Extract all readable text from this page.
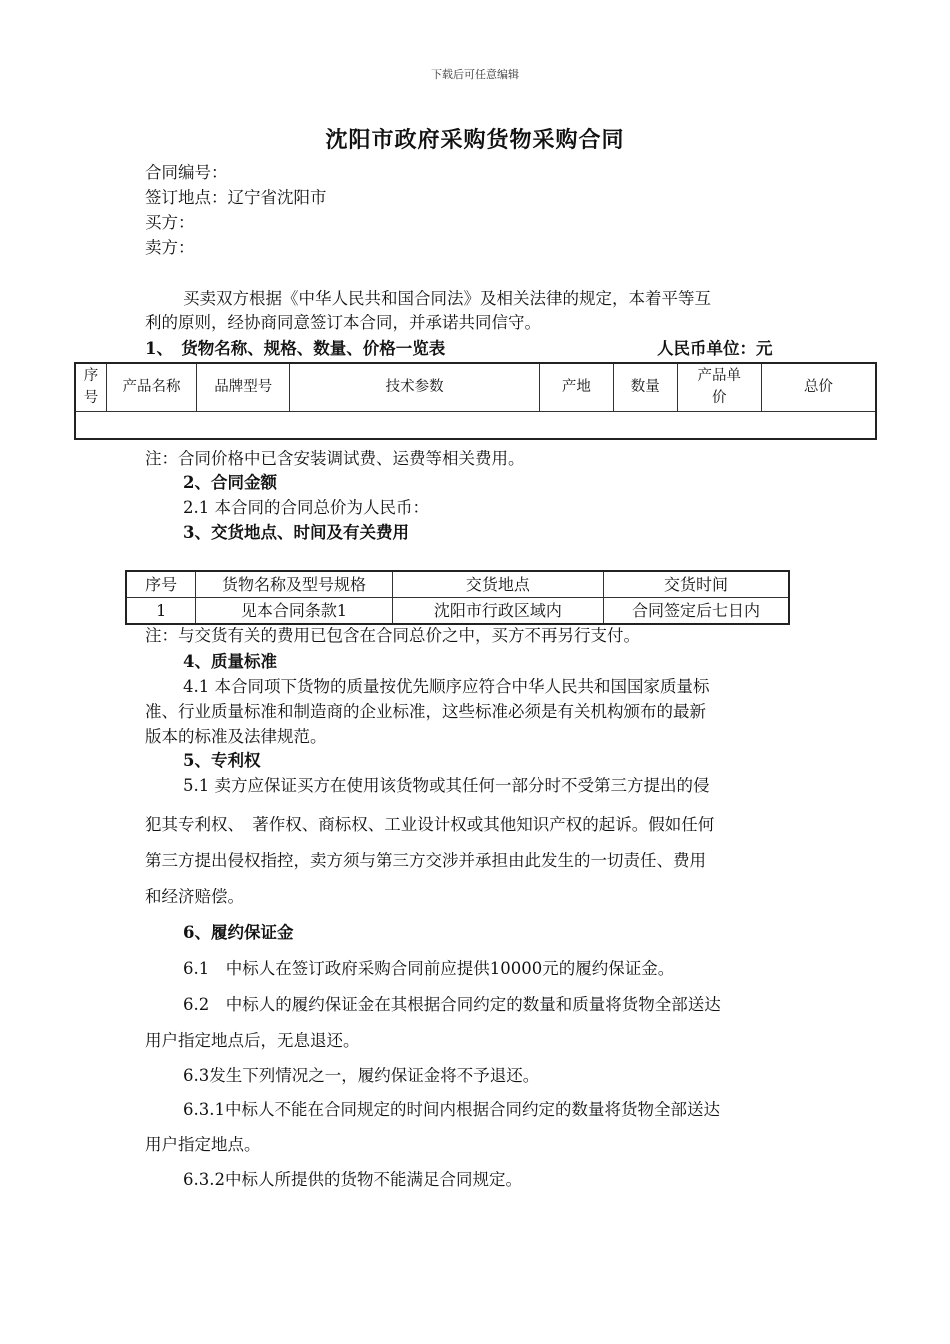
下载后可任意编辑
沈阳市政府采购货物采购合同
合同编号：
签订地点：辽宁省沈阳市
买方：
卖方：
买卖双方根据《中华人民共和国合同法》及相关法律的规定，本着平等互
利的原则，经协商同意签订本合同，并承诺共同信守。
1、　货物名称、规格、数量、价格一览表	人民币单位：元
序
号	产品名称	品牌型号	技术参数	产地	数量	产品单
价	总价

注：合同价格中已含安装调试费、运费等相关费用。
2、合同金额
2.1 本合同的合同总价为人民币：
3、交货地点、时间及有关费用
序号	货物名称及型号规格	交货地点	交货时间
1	见本合同条款1	沈阳市行政区域内	合同签定后七日内
注：与交货有关的费用已包含在合同总价之中，买方不再另行支付。
4、质量标准
4.1 本合同项下货物的质量按优先顺序应符合中华人民共和国国家质量标
准、行业质量标准和制造商的企业标准，这些标准必须是有关机构颁布的最新
版本的标准及法律规范。
5、专利权
5.1 卖方应保证买方在使用该货物或其任何一部分时不受第三方提出的侵
犯其专利权、　著作权、商标权、工业设计权或其他知识产权的起诉。假如任何
第三方提出侵权指控，卖方须与第三方交涉并承担由此发生的一切责任、费用
和经济赔偿。
6、履约保证金
6.1　中标人在签订政府采购合同前应提供10000元的履约保证金。
6.2　中标人的履约保证金在其根据合同约定的数量和质量将货物全部送达
用户指定地点后，无息退还。
6.3发生下列情况之一，履约保证金将不予退还。
6.3.1中标人不能在合同规定的时间内根据合同约定的数量将货物全部送达
用户指定地点。
6.3.2中标人所提供的货物不能满足合同规定。
